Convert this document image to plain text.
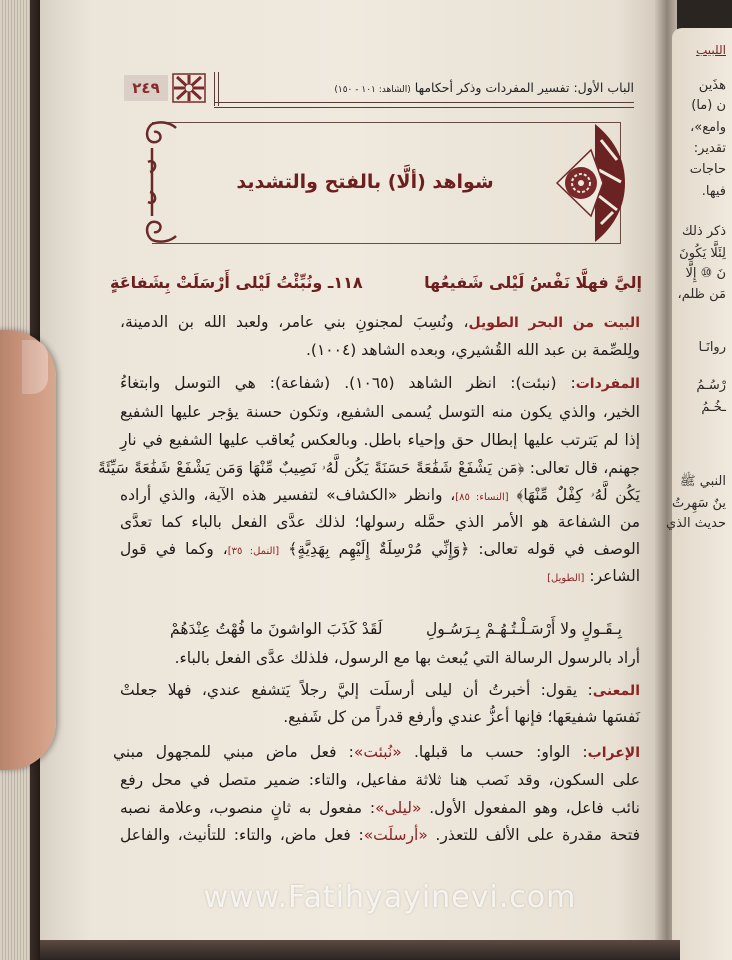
اللبيب
هذَين
ن (ما)
وامع»،
تقدير:
حاجات
فيها.
ذكر ذلك
لِئَلَّا يَكُونَ
نَ ⑩ إِلَّا
مَن ظلم،
روانَـا
رْسُـمُ
ـخُـمُ
النبي ﷺ
ينٌ سَهِرتُ
حديث الذي
٢٤٩	الباب الأول: تفسير المفردات وذكر أحكامها (الشاهد: ١٠١ - ١٥٠)
شواهد (ألَّا) بالفتح والتشديد
١١٨ـ ونُبِّئْتُ لَيْلى أَرْسَلَتْ بِشَفاعَةٍ	إليَّ فهلَّا نَفْسُ لَيْلى شَفيعُها
البيت من البحر الطويل، ونُسِبَ لمجنونِ بني عامر، ولعبد الله بن الدمينة،
ولِلصِّمة بن عبد الله القُشيري، وبعده الشاهد (١٠٠٤).
المفردات: (نبئت): انظر الشاهد (١٠٦٥). (شفاعة): هي التوسل وابتغاءُ
الخير، والذي يكون منه التوسل يُسمى الشفيع، وتكون حسنة يؤجر عليها الشفيع
إذا لم يَترتب عليها إبطال حق وإحياء باطل. وبالعكس يُعاقب عليها الشفيع في نارِ
جهنم، قال تعالى: ﴿مَن يَشْفَعْ شَفَٰعَةً حَسَنَةً يَكُن لَّهُۥ نَصِيبٌ مِّنْهَا وَمَن يَشْفَعْ شَفَٰعَةً سَيِّئَةً
يَكُن لَّهُۥ كِفْلٌ مِّنْهَا﴾ [النساء: ٨٥]، وانظر «الكشاف» لتفسير هذه الآية، والذي أراده
من الشفاعة هو الأمر الذي حمَّله رسولها؛ لذلك عدَّى الفعل بالباء كما تعدَّى
الوصف في قوله تعالى: ﴿وَإِنِّي مُرْسِلَةٌ إِلَيْهِم بِهَدِيَّةٍ﴾ [النمل: ٣٥]، وكما في قول
الشاعر: [الطويل]
أراد بالرسول الرسالة التي يُبعث بها مع الرسول، فلذلك عدَّى الفعل بالباء.
المعنى: يقول: أخبرتُ أن ليلى أرسلَت إليَّ رجلاً يَتشفع عندي، فهلا جعلتْ
نَفسَها شفيعَها؛ فإنها أعزُّ عندي وأرفع قدراً من كل شَفيع.
الإعراب: الواو: حسب ما قبلها. «نُبئت»: فعل ماض مبني للمجهول مبني
على السكون، وقد نَصب هنا ثلاثة مفاعيل، والتاء: ضمير متصل في محل رفع
نائب فاعل، وهو المفعول الأول. «ليلى»: مفعول به ثانٍ منصوب، وعلامة نصبه
فتحة مقدرة على الألف للتعذر. «أرسلَت»: فعل ماض، والتاء: للتأنيث، والفاعل
لَقَدْ كَذَبَ الواشونَ ما فُهْتُ عِنْدَهُمْ	بِـقَـولٍ ولا أَرْسَـلْـتُـهُـمْ بِـرَسُـولِ
www.Fatihyayinevi.com
